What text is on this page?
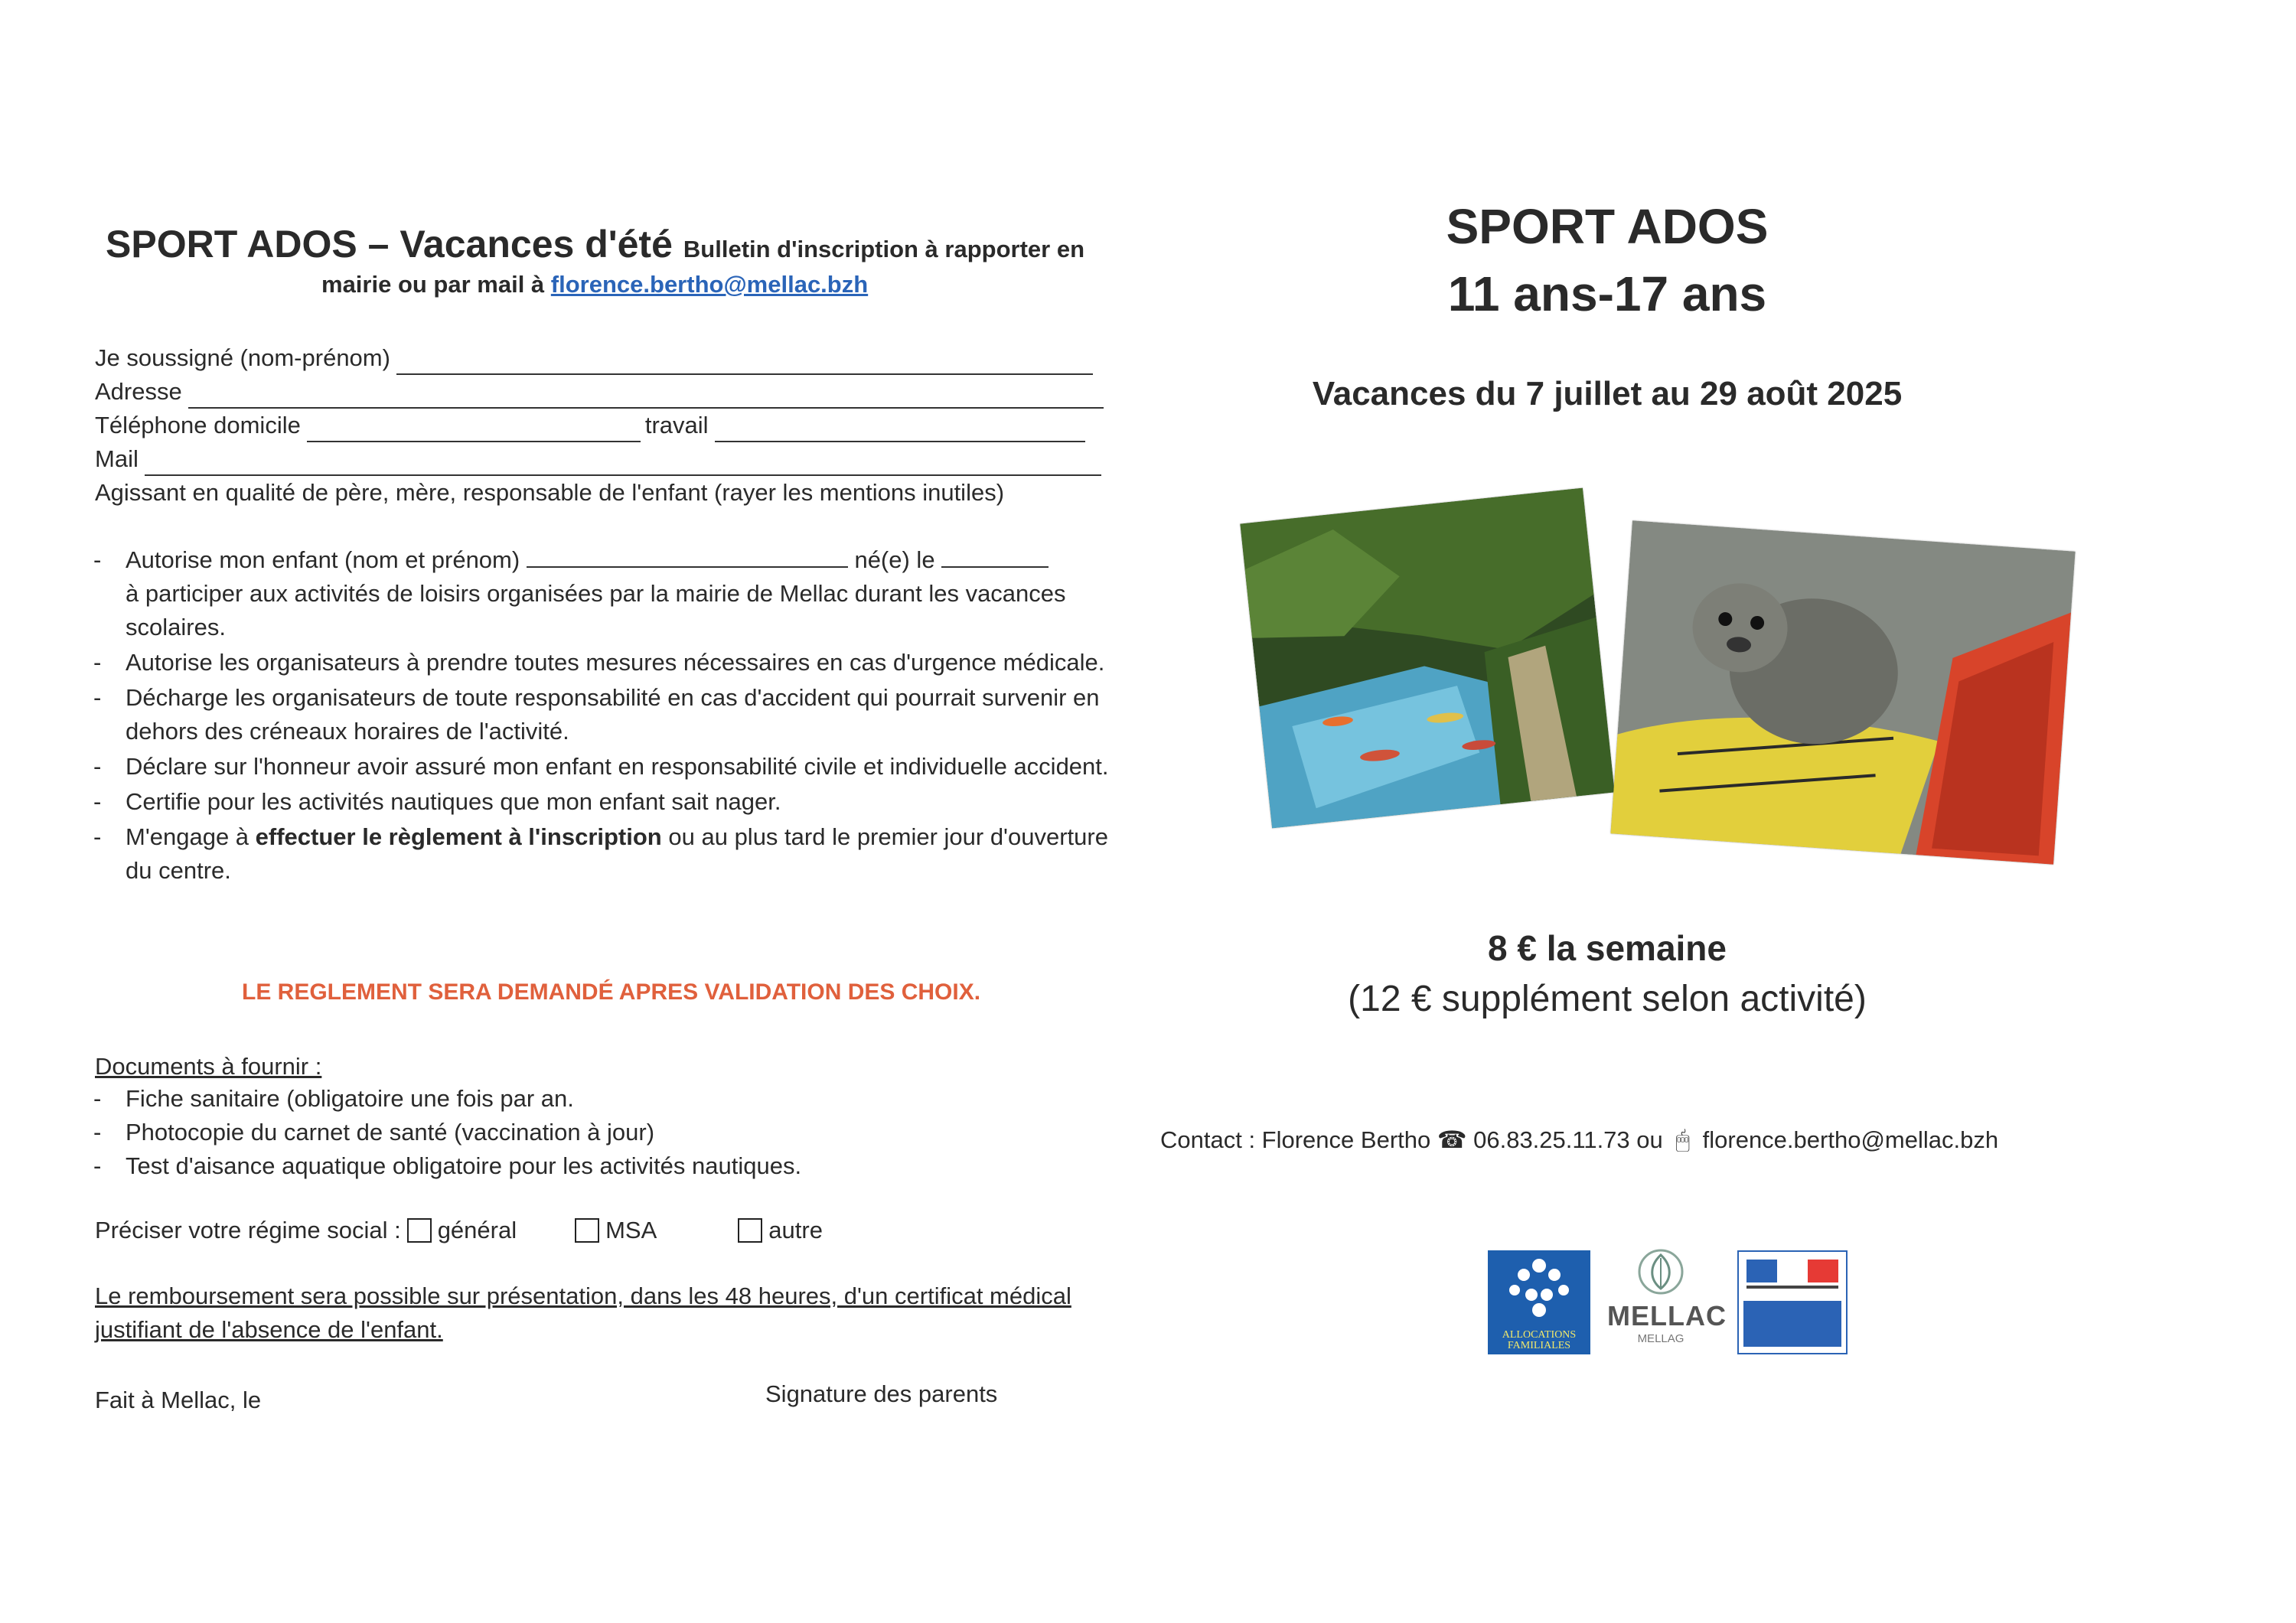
SPORT ADOS – Vacances d'été Bulletin d'inscription à rapporter en
mairie ou par mail à florence.bertho@mellac.bzh
Je soussigné (nom-prénom)
Adresse
Téléphone domicile	travail
Mail
Agissant en qualité de père, mère, responsable de l'enfant (rayer les mentions inutiles)
- Autorise mon enfant (nom et prénom)	né(e) le
à participer aux activités de loisirs organisées par la mairie de Mellac durant les vacances scolaires.
- Autorise les organisateurs à prendre toutes mesures nécessaires en cas d'urgence médicale.
- Décharge les organisateurs de toute responsabilité en cas d'accident qui pourrait survenir en dehors des créneaux horaires de l'activité.
- Déclare sur l'honneur avoir assuré mon enfant en responsabilité civile et individuelle accident.
- Certifie pour les activités nautiques que mon enfant sait nager.
- M'engage à effectuer le règlement à l'inscription ou au plus tard le premier jour d'ouverture du centre.
LE REGLEMENT SERA DEMANDÉ APRES VALIDATION DES CHOIX.
Documents à fournir :
- Fiche sanitaire (obligatoire une fois par an.
- Photocopie du carnet de santé (vaccination à jour)
- Test d'aisance aquatique obligatoire pour les activités nautiques.
Préciser votre régime social : général	MSA	autre
Le remboursement sera possible sur présentation, dans les 48 heures, d'un certificat médical justifiant de l'absence de l'enfant.
Fait à Mellac, le	Signature des parents
SPORT ADOS
11 ans-17 ans
Vacances du 7 juillet au 29 août 2025
8 € la semaine
(12 € supplément selon activité)
Contact : Florence Bertho ☎ 06.83.25.11.73 ou 🖱 florence.bertho@mellac.bzh
ALLOCATIONS
FAMILIALES
MELLAC
MELLAG
